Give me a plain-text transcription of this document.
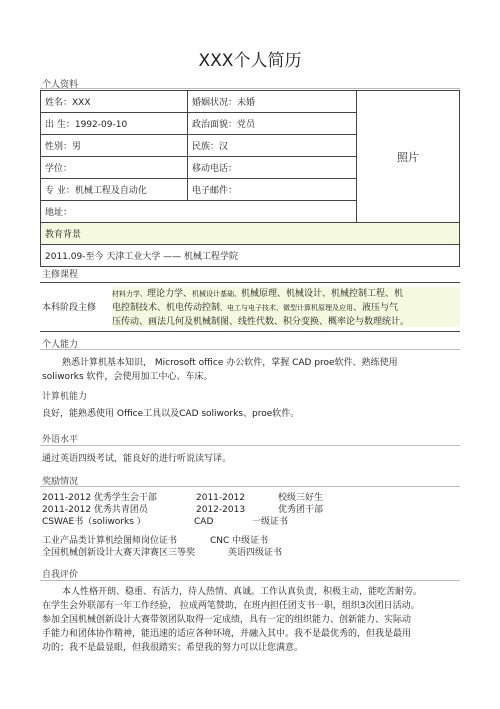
XXX个人简历
个人资料
姓名：XXX	婚姻状况：未婚	照片
出 生：1992-09-10	政治面貌：党员	
性别：男	民族：汉	
学位：	移动电话：	
专 业：机械工程及自动化	电子邮件：	
地址：		
教育背景		
2011.09-至今 天津工业大学 —— 机械工程学院		
主修课程
本科阶段主修
材料力学、理论力学、机械设计基础、机械原理、机械设计、机械控制工程、机
电控制技术、机电传动控制、电工与电子技术、微型计算机原理及应用、液压与气
压传动、画法几何及机械制图、线性代数、积分变换、概率论与数理统计。
个人能力
熟悉计算机基本知识， Microsoft office 办公软件，掌握 CAD proe软件、熟练使用
soliworks 软件，会使用加工中心、车床。
计算机能力
良好，能熟悉使用 Office工具以及CAD soliworks、proe软件。
外语水平
通过英语四级考试，能良好的进行听说读写译。
奖励情况
2011-2012 优秀学生会干部	2011-2012	校级三好生
2011-2012 优秀共青团员	2012-2013	优秀团干部
CSWAE书（soliworks ）	CAD	一级证书
工业产品类计算机绘图师岗位证书	CNC 中级证书
全国机械创新设计大赛天津赛区三等奖	英语四级证书
自我评价
本人性格开朗、稳重、有活力，待人热情、真诚。工作认真负责，积极主动，能吃苦耐劳。
在学生会外联部有一年工作经验， 拉成两笔赞助，在班内担任团支书一职，组织3次团日活动。
参加全国机械创新设计大赛带领团队取得一定成绩，具有一定的组织能力、创新能力、实际动
手能力和团体协作精神，能迅速的适应各种环境，并融入其中。我不是最优秀的，但我是最用
功的；我不是最显眼，但我很踏实；希望我的努力可以让您满意。
